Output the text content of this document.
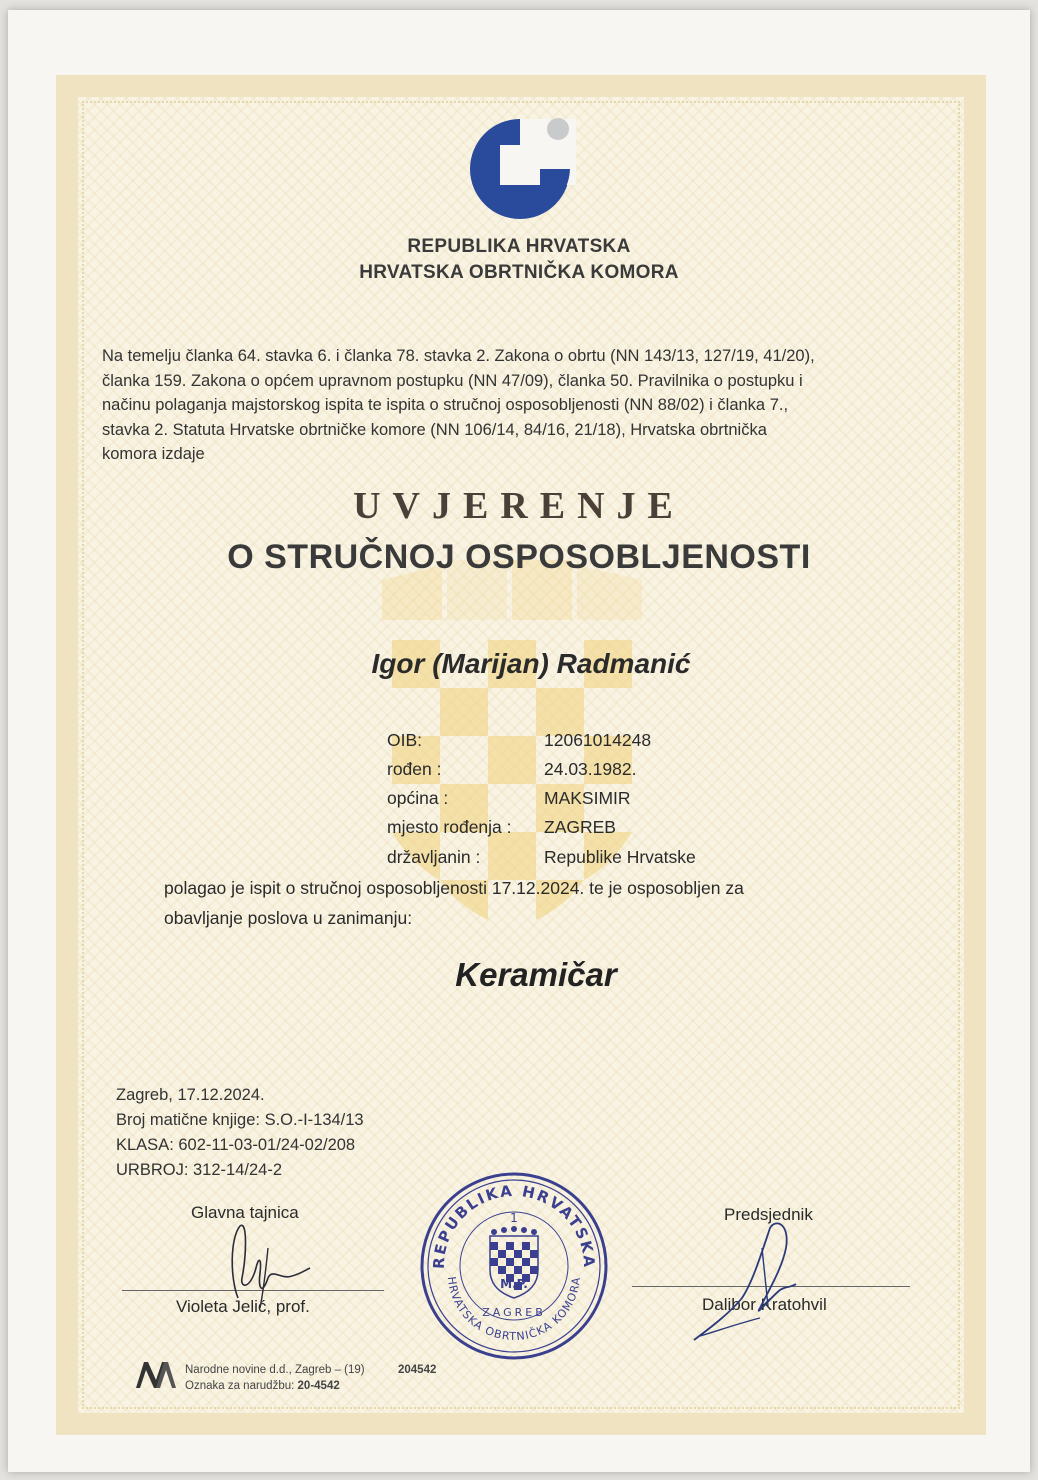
REPUBLIKA HRVATSKA
HRVATSKA OBRTNIČKA KOMORA
Na temelju članka 64. stavka 6. i članka 78. stavka 2. Zakona o obrtu (NN 143/13, 127/19, 41/20),
članka 159. Zakona o općem upravnom postupku (NN 47/09), članka 50. Pravilnika o postupku i
načinu polaganja majstorskog ispita te ispita o stručnoj osposobljenosti (NN 88/02) i članka 7.,
stavka 2. Statuta Hrvatske obrtničke komore (NN 106/14, 84/16, 21/18), Hrvatska obrtnička
komora izdaje
UVJERENJE
O STRUČNOJ OSPOSOBLJENOSTI
Igor (Marijan) Radmanić
OIB:	12061014248
rođen :	24.03.1982.
općina :	MAKSIMIR
mjesto rođenja : ZAGREB
državljanin :	Republike Hrvatske
polagao je ispit o stručnoj osposobljenosti 17.12.2024. te je osposobljen za
obavljanje poslova u zanimanju:
Keramičar
Zagreb, 17.12.2024.
Broj matične knjige: S.O.-I-134/13
KLASA: 602-11-03-01/24-02/208
URBROJ: 312-14/24-2
Glavna tajnica
Violeta Jelić, prof.
Predsjednik
Dalibor Kratohvil
REPUBLIKA HRVATSKA
HRVATSKA OBRTNIČKA KOMORA
1
M.P.
ZAGREB
Narodne novine d.d., Zagreb – (19)	204542
Oznaka za narudžbu: 20-4542
